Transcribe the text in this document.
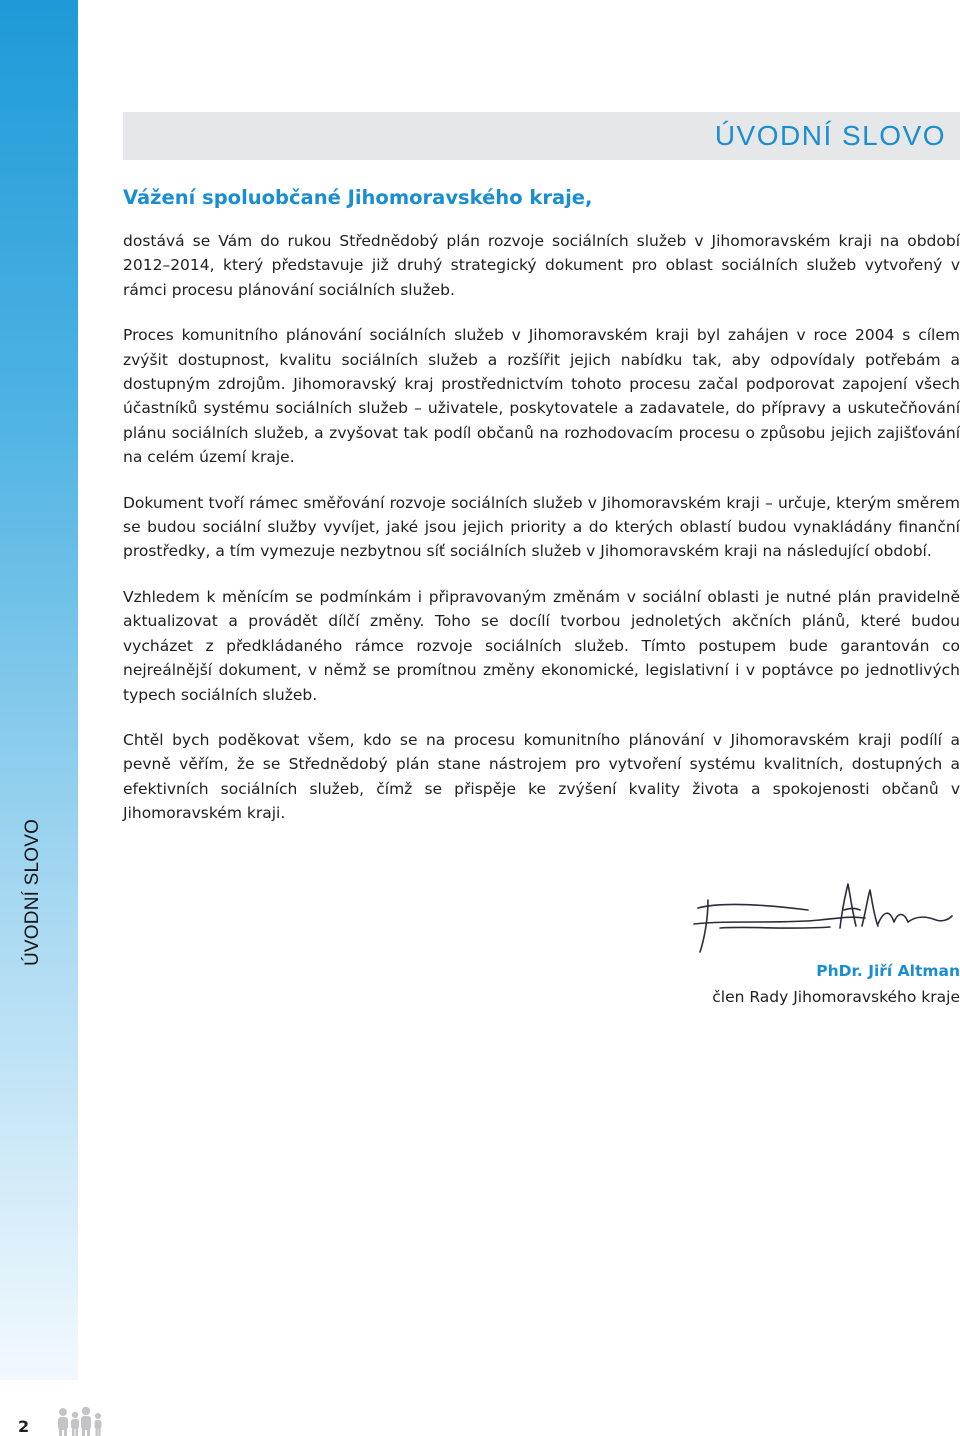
ÚVODNÍ SLOVO
ÚVODNÍ SLOVO
Vážení spoluobčané Jihomoravského kraje,

dostává se Vám do rukou Střednědobý plán rozvoje sociálních služeb v Jihomoravském kraji na období 2012–2014, který představuje již druhý strategický dokument pro oblast sociálních služeb vytvořený v rámci procesu plánování sociálních služeb.

Proces komunitního plánování sociálních služeb v Jihomoravském kraji byl zahájen v roce 2004 s cílem zvýšit dostupnost, kvalitu sociálních služeb a rozšířit jejich nabídku tak, aby odpovídaly potřebám a dostupným zdrojům. Jihomoravský kraj prostřednictvím tohoto procesu začal podporovat zapojení všech účastníků systému sociálních služeb – uživatele, poskytovatele a zadavatele, do přípravy a uskutečňování plánu sociálních služeb, a zvyšovat tak podíl občanů na rozhodovacím procesu o způsobu jejich zajišťování na celém území kraje.

Dokument tvoří rámec směřování rozvoje sociálních služeb v Jihomoravském kraji – určuje, kterým směrem se budou sociální služby vyvíjet, jaké jsou jejich priority a do kterých oblastí budou vynakládány finanční prostředky, a tím vymezuje nezbytnou síť sociálních služeb v Jihomoravském kraji na následující období.

Vzhledem k měnícím se podmínkám i připravovaným změnám v sociální oblasti je nutné plán pravidelně aktualizovat a provádět dílčí změny. Toho se docílí tvorbou jednoletých akčních plánů, které budou vycházet z předkládaného rámce rozvoje sociálních služeb. Tímto postupem bude garantován co nejreálnější dokument, v němž se promítnou změny ekonomické, legislativní i v poptávce po jednotlivých typech sociálních služeb.

Chtěl bych poděkovat všem, kdo se na procesu komunitního plánování v Jihomoravském kraji podílí a pevně věřím, že se Střednědobý plán stane nástrojem pro vytvoření systému kvalitních, dostupných a efektivních sociálních služeb, čímž se přispěje ke zvýšení kvality života a spokojenosti občanů v Jihomoravském kraji.

PhDr. Jiří Altman
člen Rady Jihomoravského kraje
2
